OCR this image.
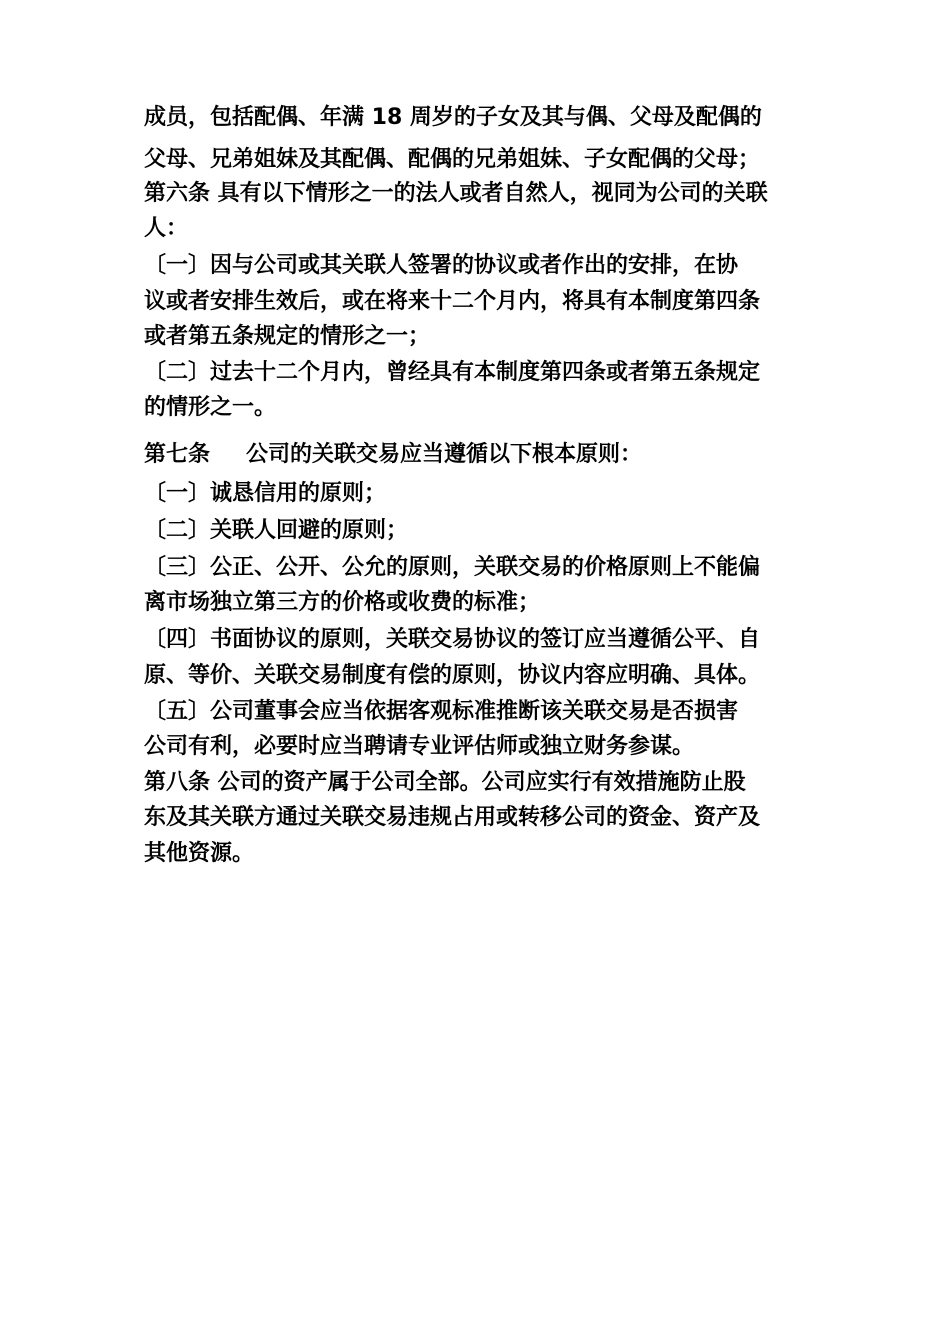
成员，包括配偶、年满 18 周岁的子女及其与偶、父母及配偶的
父母、兄弟姐妹及其配偶、配偶的兄弟姐妹、子女配偶的父母；
第六条 具有以下情形之一的法人或者自然人，视同为公司的关联
人：
〔一〕因与公司或其关联人签署的协议或者作出的安排，在协
议或者安排生效后，或在将来十二个月内，将具有本制度第四条
或者第五条规定的情形之一；
〔二〕过去十二个月内，曾经具有本制度第四条或者第五条规定
的情形之一。
第七条 公司的关联交易应当遵循以下根本原则：
〔一〕诚恳信用的原则；
〔二〕关联人回避的原则；
〔三〕公正、公开、公允的原则，关联交易的价格原则上不能偏
离市场独立第三方的价格或收费的标准；
〔四〕书面协议的原则，关联交易协议的签订应当遵循公平、自
原、等价、关联交易制度有偿的原则，协议内容应明确、具体。
〔五〕公司董事会应当依据客观标准推断该关联交易是否损害
公司有利，必要时应当聘请专业评估师或独立财务参谋。
第八条 公司的资产属于公司全部。公司应实行有效措施防止股
东及其关联方通过关联交易违规占用或转移公司的资金、资产及
其他资源。
